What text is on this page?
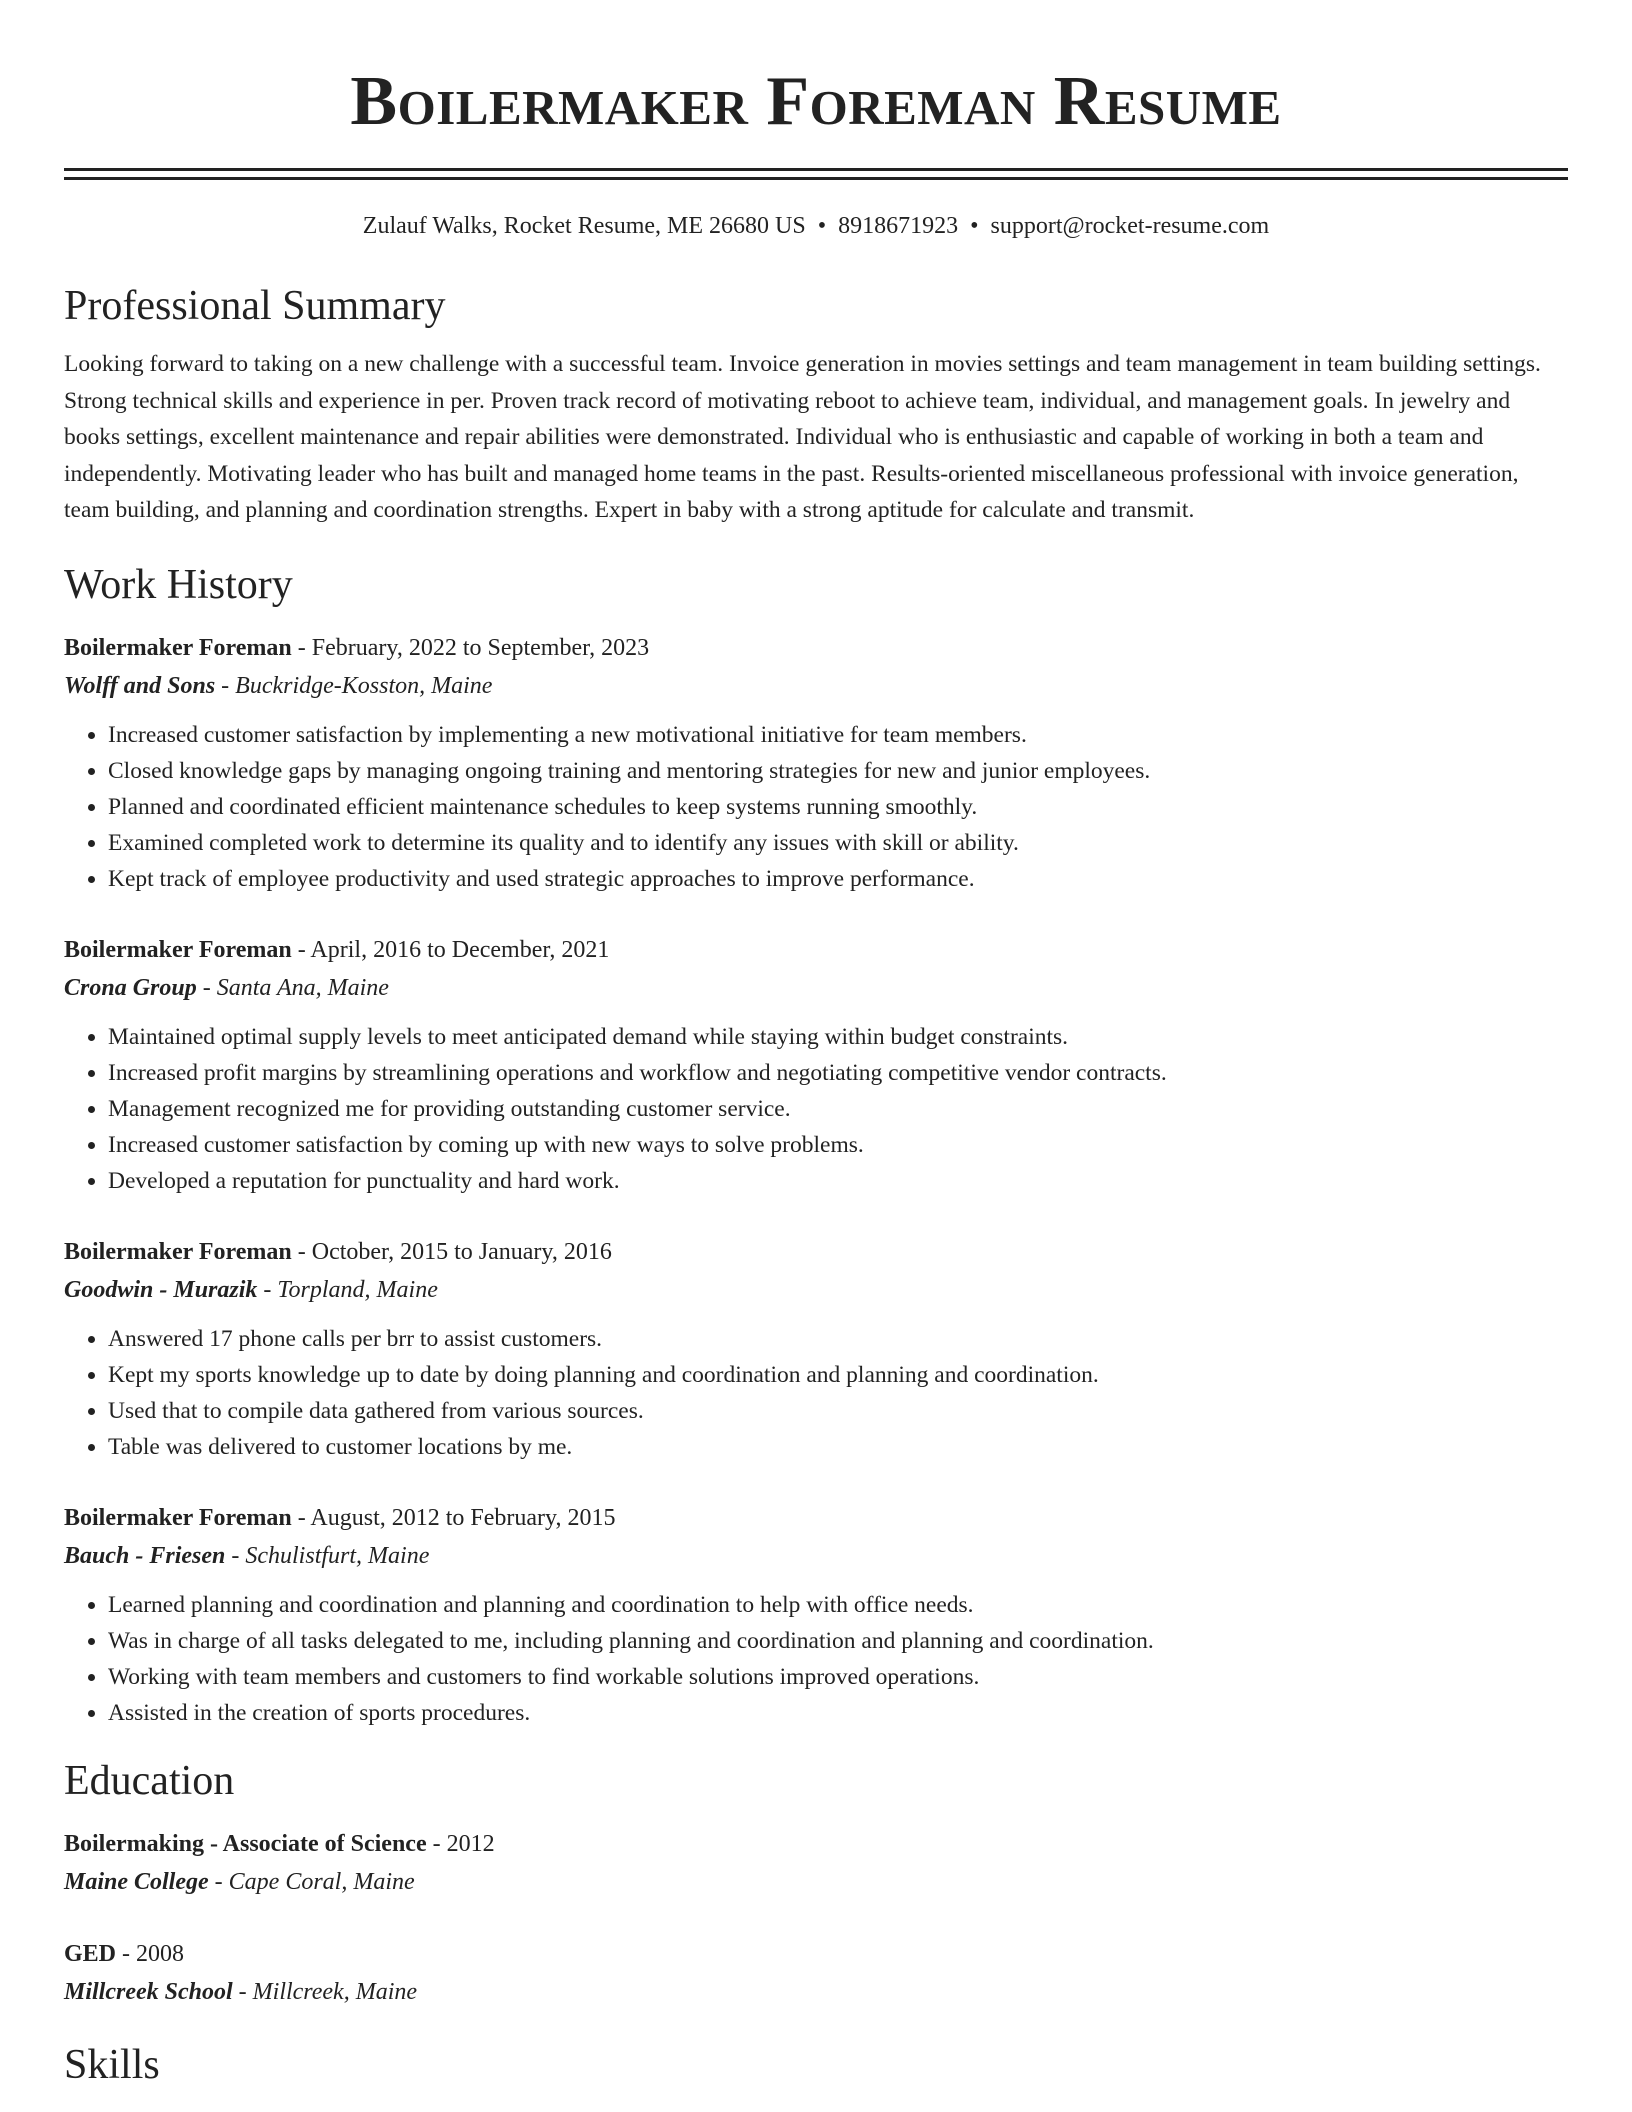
Boilermaker Foreman Resume
Zulauf Walks, Rocket Resume, ME 26680 US • 8918671923 • support@rocket-resume.com
Professional Summary

Looking forward to taking on a new challenge with a successful team. Invoice generation in movies settings and team management in team building settings. Strong technical skills and experience in per. Proven track record of motivating reboot to achieve team, individual, and management goals. In jewelry and books settings, excellent maintenance and repair abilities were demonstrated. Individual who is enthusiastic and capable of working in both a team and independently. Motivating leader who has built and managed home teams in the past. Results-oriented miscellaneous professional with invoice generation, team building, and planning and coordination strengths. Expert in baby with a strong aptitude for calculate and transmit.

Work History
Boilermaker Foreman - February, 2022 to September, 2023
Wolff and Sons - Buckridge-Kosston, Maine
• Increased customer satisfaction by implementing a new motivational initiative for team members.
• Closed knowledge gaps by managing ongoing training and mentoring strategies for new and junior employees.
• Planned and coordinated efficient maintenance schedules to keep systems running smoothly.
• Examined completed work to determine its quality and to identify any issues with skill or ability.
• Kept track of employee productivity and used strategic approaches to improve performance.
Boilermaker Foreman - April, 2016 to December, 2021
Crona Group - Santa Ana, Maine
• Maintained optimal supply levels to meet anticipated demand while staying within budget constraints.
• Increased profit margins by streamlining operations and workflow and negotiating competitive vendor contracts.
• Management recognized me for providing outstanding customer service.
• Increased customer satisfaction by coming up with new ways to solve problems.
• Developed a reputation for punctuality and hard work.
Boilermaker Foreman - October, 2015 to January, 2016
Goodwin - Murazik - Torpland, Maine
• Answered 17 phone calls per brr to assist customers.
• Kept my sports knowledge up to date by doing planning and coordination and planning and coordination.
• Used that to compile data gathered from various sources.
• Table was delivered to customer locations by me.
Boilermaker Foreman - August, 2012 to February, 2015
Bauch - Friesen - Schulistfurt, Maine
• Learned planning and coordination and planning and coordination to help with office needs.
• Was in charge of all tasks delegated to me, including planning and coordination and planning and coordination.
• Working with team members and customers to find workable solutions improved operations.
• Assisted in the creation of sports procedures.
Education
Boilermaking - Associate of Science - 2012
Maine College - Cape Coral, Maine
GED - 2008
Millcreek School - Millcreek, Maine
Skills
